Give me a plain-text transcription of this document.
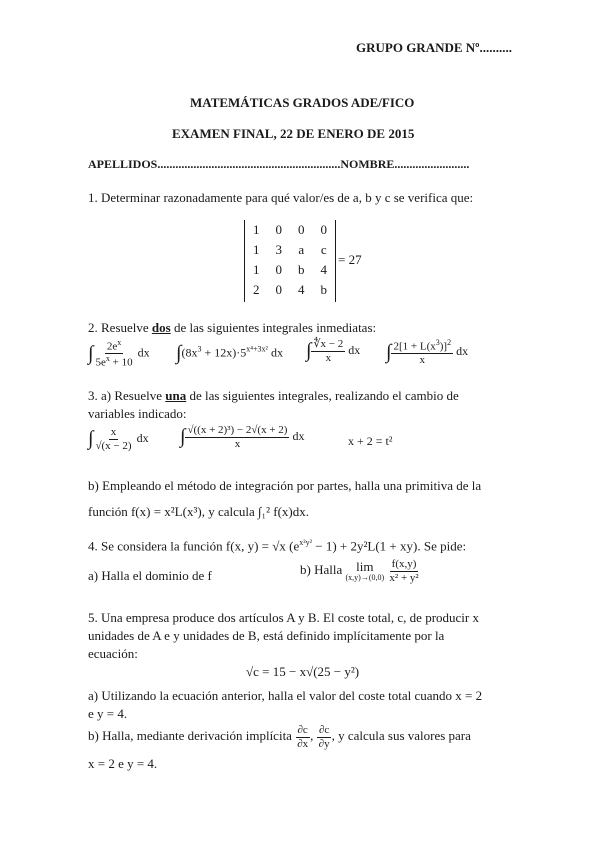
GRUPO GRANDE Nº..........
MATEMÁTICAS GRADOS ADE/FICO
EXAMEN FINAL, 22 DE ENERO DE 2015
APELLIDOS.............................................................NOMBRE.........................
1. Determinar razonadamente para qué valor/es de a, b y c se verifica que:
1	0	0	0
1	3	a	c
1	0	b	4
2	0	4	b
= 27
2. Resuelve dos de las siguientes integrales inmediatas:
∫ $\frac{2e^x}{5e^x + 10}$ dx $\int(8x^3 + 12x)\cdot 5^{x^4+3x^2}$ dx ∫ $\frac{∜x - 2}{x}$ dx ∫ $\frac{2[1 + L(x^3)]^2}{x}$ dx
3. a) Resuelve una de las siguientes integrales, realizando el cambio de
variables indicado:
∫ $\frac{x}{√(x - 2)}$ dx ∫ $\frac{\text{√((x + 2)³) − 2√(x + 2)}}{x}$ dx	x + 2 = t²
b) Empleando el método de integración por partes, halla una primitiva de la
función f(x) = x²L(x³), y calcula ∫₁² f(x)dx.
4. Se considera la función f(x, y) = √x $(e^{x^2y^2} - 1) + 2y^2L(1 + xy)$. Se pide:
a) Halla el dominio de f	b) Halla lim
(x,y)→(0,0)
$\frac{f(x,y)}{\text{x² + y²}}$
5. Una empresa produce dos artículos A y B. El coste total, c, de producir x
unidades de A e y unidades de B, está definido implícitamente por la
ecuación:
√c = 15 − x√(25 − y²)
a) Utilizando la ecuación anterior, halla el valor del coste total cuando x = 2
e y = 4.
b) Halla, mediante derivación implícita $\frac{\partial c}{\partial x}$ , $\frac{\partial c}{\partial y}$ , y calcula sus valores para
x = 2 e y = 4.
